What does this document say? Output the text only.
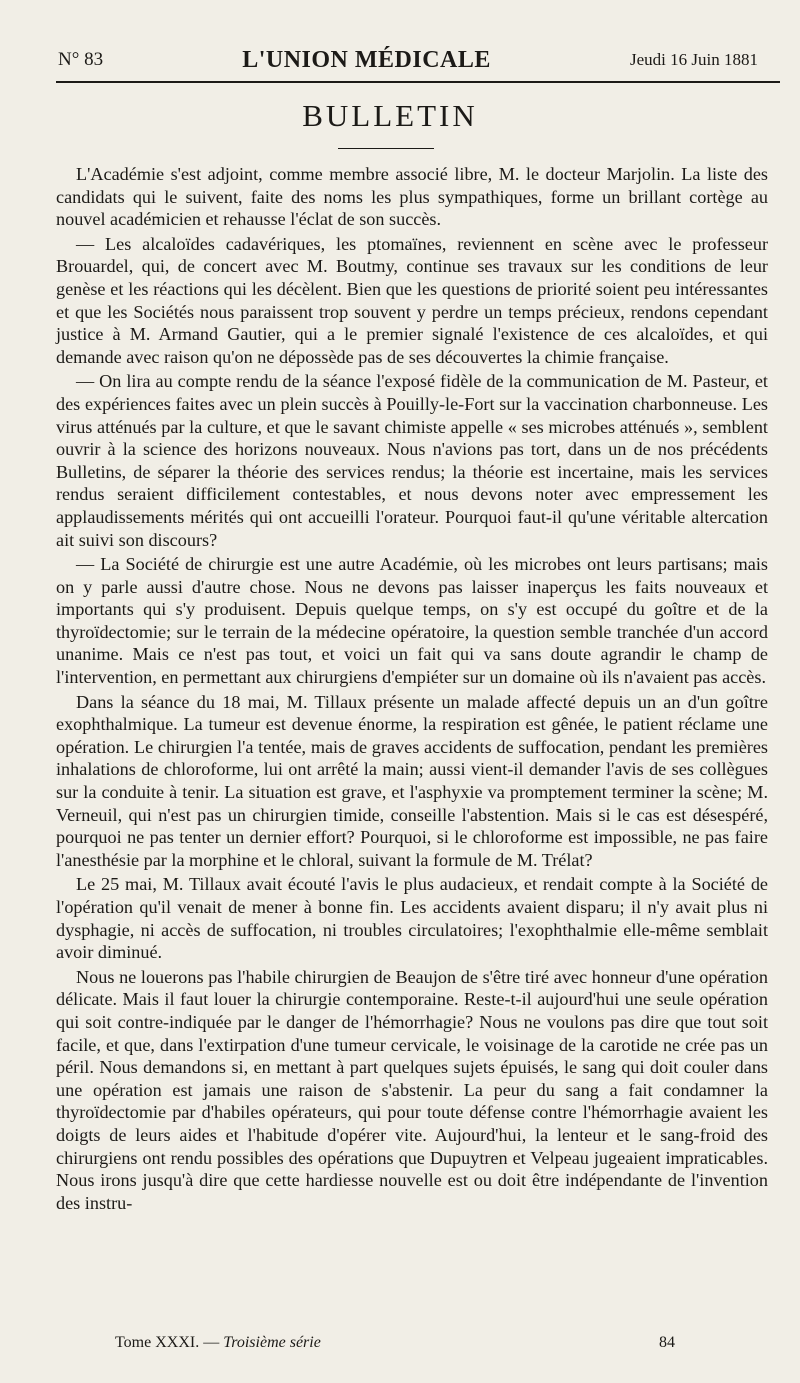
N° 83	L'UNION MÉDICALE	Jeudi 16 Juin 1881
BULLETIN

L'Académie s'est adjoint, comme membre associé libre, M. le docteur Marjolin. La liste des candidats qui le suivent, faite des noms les plus sympathiques, forme un brillant cortège au nouvel académicien et rehausse l'éclat de son succès.

— Les alcaloïdes cadavériques, les ptomaïnes, reviennent en scène avec le professeur Brouardel, qui, de concert avec M. Boutmy, continue ses travaux sur les conditions de leur genèse et les réactions qui les décèlent. Bien que les questions de priorité soient peu intéressantes et que les Sociétés nous paraissent trop souvent y perdre un temps précieux, rendons cependant justice à M. Armand Gautier, qui a le premier signalé l'existence de ces alcaloïdes, et qui demande avec raison qu'on ne dépossède pas de ses découvertes la chimie française.

— On lira au compte rendu de la séance l'exposé fidèle de la communication de M. Pasteur, et des expériences faites avec un plein succès à Pouilly-le-Fort sur la vaccination charbonneuse. Les virus atténués par la culture, et que le savant chimiste appelle « ses microbes atténués », semblent ouvrir à la science des horizons nouveaux. Nous n'avions pas tort, dans un de nos précédents Bulletins, de séparer la théorie des services rendus; la théorie est incertaine, mais les services rendus seraient difficilement contestables, et nous devons noter avec empressement les applaudissements mérités qui ont accueilli l'orateur. Pourquoi faut-il qu'une véritable altercation ait suivi son discours?

— La Société de chirurgie est une autre Académie, où les microbes ont leurs partisans; mais on y parle aussi d'autre chose. Nous ne devons pas laisser inaperçus les faits nouveaux et importants qui s'y produisent. Depuis quelque temps, on s'y est occupé du goître et de la thyroïdectomie; sur le terrain de la médecine opératoire, la question semble tranchée d'un accord unanime. Mais ce n'est pas tout, et voici un fait qui va sans doute agrandir le champ de l'intervention, en permettant aux chirurgiens d'empiéter sur un domaine où ils n'avaient pas accès.

Dans la séance du 18 mai, M. Tillaux présente un malade affecté depuis un an d'un goître exophthalmique. La tumeur est devenue énorme, la respiration est gênée, le patient réclame une opération. Le chirurgien l'a tentée, mais de graves accidents de suffocation, pendant les premières inhalations de chloroforme, lui ont arrêté la main; aussi vient-il demander l'avis de ses collègues sur la conduite à tenir. La situation est grave, et l'asphyxie va promptement terminer la scène; M. Verneuil, qui n'est pas un chirurgien timide, conseille l'abstention. Mais si le cas est désespéré, pourquoi ne pas tenter un dernier effort? Pourquoi, si le chloroforme est impossible, ne pas faire l'anesthésie par la morphine et le chloral, suivant la formule de M. Trélat?

Le 25 mai, M. Tillaux avait écouté l'avis le plus audacieux, et rendait compte à la Société de l'opération qu'il venait de mener à bonne fin. Les accidents avaient disparu; il n'y avait plus ni dysphagie, ni accès de suffocation, ni troubles circulatoires; l'exophthalmie elle-même semblait avoir diminué.

Nous ne louerons pas l'habile chirurgien de Beaujon de s'être tiré avec honneur d'une opération délicate. Mais il faut louer la chirurgie contemporaine. Reste-t-il aujourd'hui une seule opération qui soit contre-indiquée par le danger de l'hémorrhagie? Nous ne voulons pas dire que tout soit facile, et que, dans l'extirpation d'une tumeur cervicale, le voisinage de la carotide ne crée pas un péril. Nous demandons si, en mettant à part quelques sujets épuisés, le sang qui doit couler dans une opération est jamais une raison de s'abstenir. La peur du sang a fait condamner la thyroïdectomie par d'habiles opérateurs, qui pour toute défense contre l'hémorrhagie avaient les doigts de leurs aides et l'habitude d'opérer vite. Aujourd'hui, la lenteur et le sang-froid des chirurgiens ont rendu possibles des opérations que Dupuytren et Velpeau jugeaient impraticables. Nous irons jusqu'à dire que cette hardiesse nouvelle est ou doit être indépendante de l'invention des instru-

Tome XXXI. — Troisième série	84
